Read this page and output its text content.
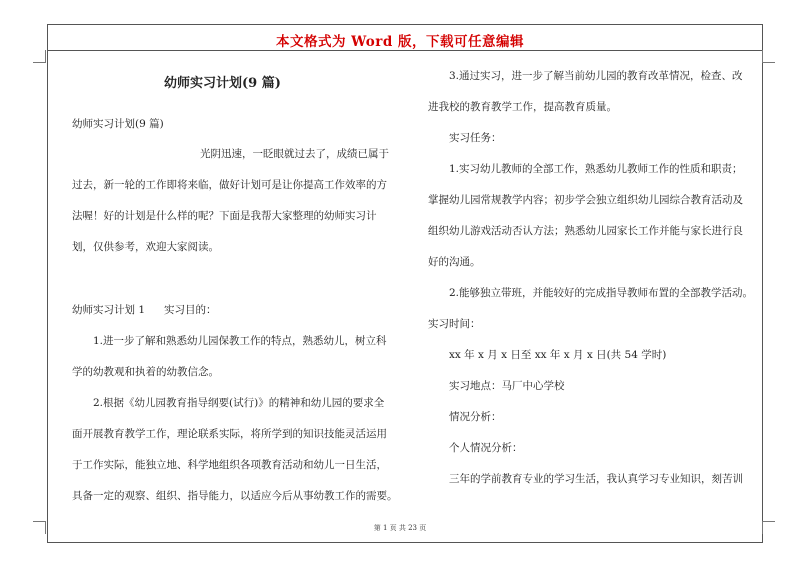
本文格式为 Word 版，下载可任意编辑
幼师实习计划(9 篇)
幼师实习计划(9 篇)
光阴迅速，一眨眼就过去了，成绩已属于
过去，新一轮的工作即将来临，做好计划可是让你提高工作效率的方
法喔！好的计划是什么样的呢？下面是我帮大家整理的幼师实习计
划，仅供参考，欢迎大家阅读。
幼师实习计划 1 实习目的：
1.进一步了解和熟悉幼儿园保教工作的特点，熟悉幼儿，树立科
学的幼教观和执着的幼教信念。
2.根据《幼儿园教育指导纲要(试行)》的精神和幼儿园的要求全
面开展教育教学工作，理论联系实际，将所学到的知识技能灵活运用
于工作实际，能独立地、科学地组织各项教育活动和幼儿一日生活，
具备一定的观察、组织、指导能力，以适应今后从事幼教工作的需要。
3.通过实习，进一步了解当前幼儿园的教育改革情况，检查、改
进我校的教育教学工作，提高教育质量。
实习任务：
1.实习幼儿教师的全部工作，熟悉幼儿教师工作的性质和职责；
掌握幼儿园常规教学内容；初步学会独立组织幼儿园综合教育活动及
组织幼儿游戏活动否认方法；熟悉幼儿园家长工作并能与家长进行良
好的沟通。
2.能够独立带班，并能较好的完成指导教师布置的全部教学活动。
实习时间：
xx 年 x 月 x 日至 xx 年 x 月 x 日(共 54 学时)
实习地点：马厂中心学校
情况分析：
个人情况分析：
三年的学前教育专业的学习生活，我认真学习专业知识，刻苦训
第 1 页 共 23 页
